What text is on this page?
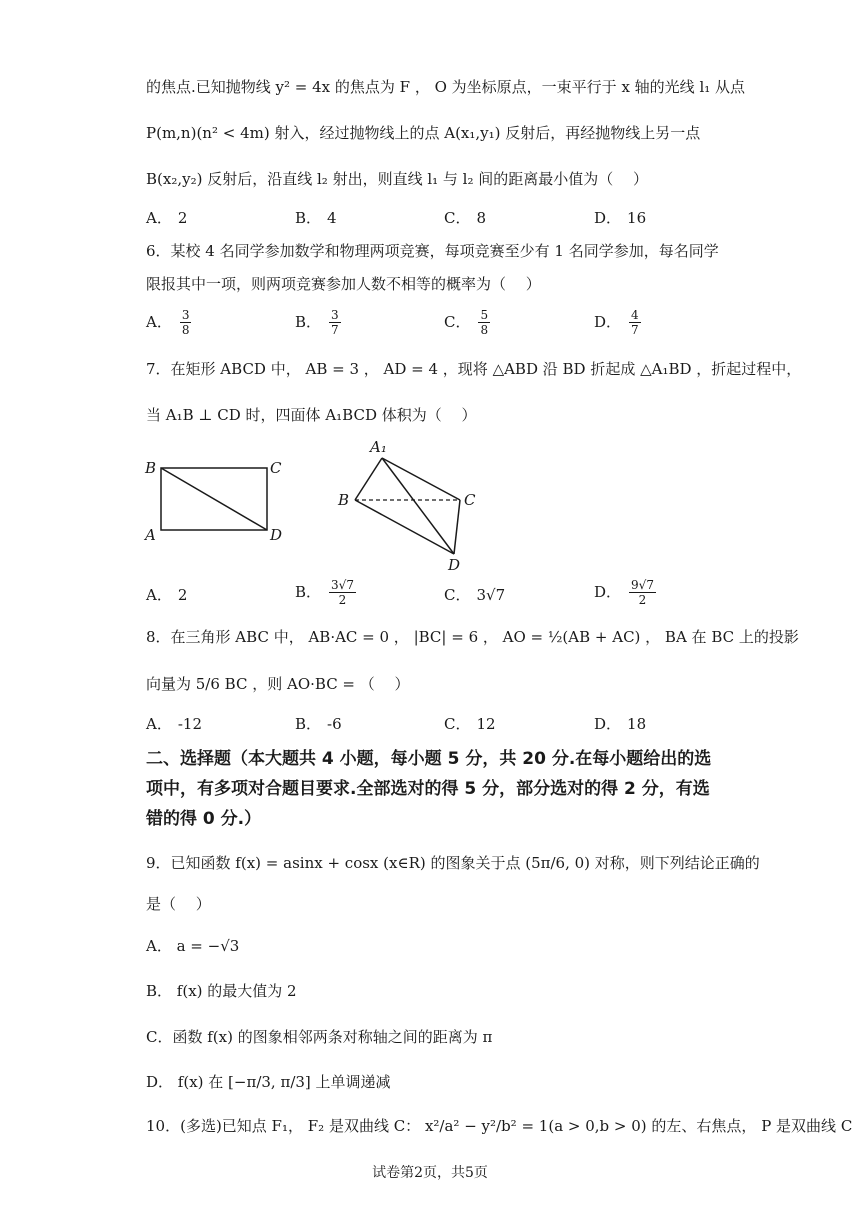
的焦点.已知抛物线 y² = 4x 的焦点为 F ， O 为坐标原点，一束平行于 x 轴的光线 l₁ 从点
P(m,n)(n² < 4m) 射入，经过抛物线上的点 A(x₁,y₁) 反射后，再经抛物线上另一点
B(x₂,y₂) 反射后，沿直线 l₂ 射出，则直线 l₁ 与 l₂ 间的距离最小值为（　 ）
A． 2	B． 4	C． 8	D． 16
6．某校 4 名同学参加数学和物理两项竞赛，每项竞赛至少有 1 名同学参加，每名同学
限报其中一项，则两项竞赛参加人数不相等的概率为（　 ）
A． $\frac{3}{8}$	B． $\frac{3}{7}$	C． $\frac{5}{8}$	D． $\frac{4}{7}$
7．在矩形 ABCD 中， AB = 3 ， AD = 4 ，现将 △ABD 沿 BD 折起成 △A₁BD ，折起过程中，
当 A₁B ⊥ CD 时，四面体 A₁BCD 体积为（　 ）
B	C
A	D
A₁
B	C
D
A． 2	B． $\frac{3√7}{2}$	C． 3√7	D． $\frac{9√7}{2}$
8．在三角形 ABC 中， AB·AC = 0 ， |BC| = 6 ， AO = ½(AB + AC) ， BA 在 BC 上的投影
向量为 5/6 BC ，则 AO·BC = （　 ）
A． -12	B． -6	C． 12	D． 18
二、选择题（本大题共 4 小题，每小题 5 分，共 20 分.在每小题给出的选项中，有多项对合题目要求.全部选对的得 5 分，部分选对的得 2 分，有选错的得 0 分.）
9．已知函数 f(x) = asinx + cosx (x∈R) 的图象关于点 (5π/6, 0) 对称，则下列结论正确的
是（　 ）
A． a = −√3
B． f(x) 的最大值为 2
C．函数 f(x) 的图象相邻两条对称轴之间的距离为 π
D． f(x) 在 [−π/3, π/3] 上单调递减
10．(多选)已知点 F₁， F₂ 是双曲线 C： x²/a² − y²/b² = 1(a > 0,b > 0) 的左、右焦点， P 是双曲线 C
试卷第2页，共5页
